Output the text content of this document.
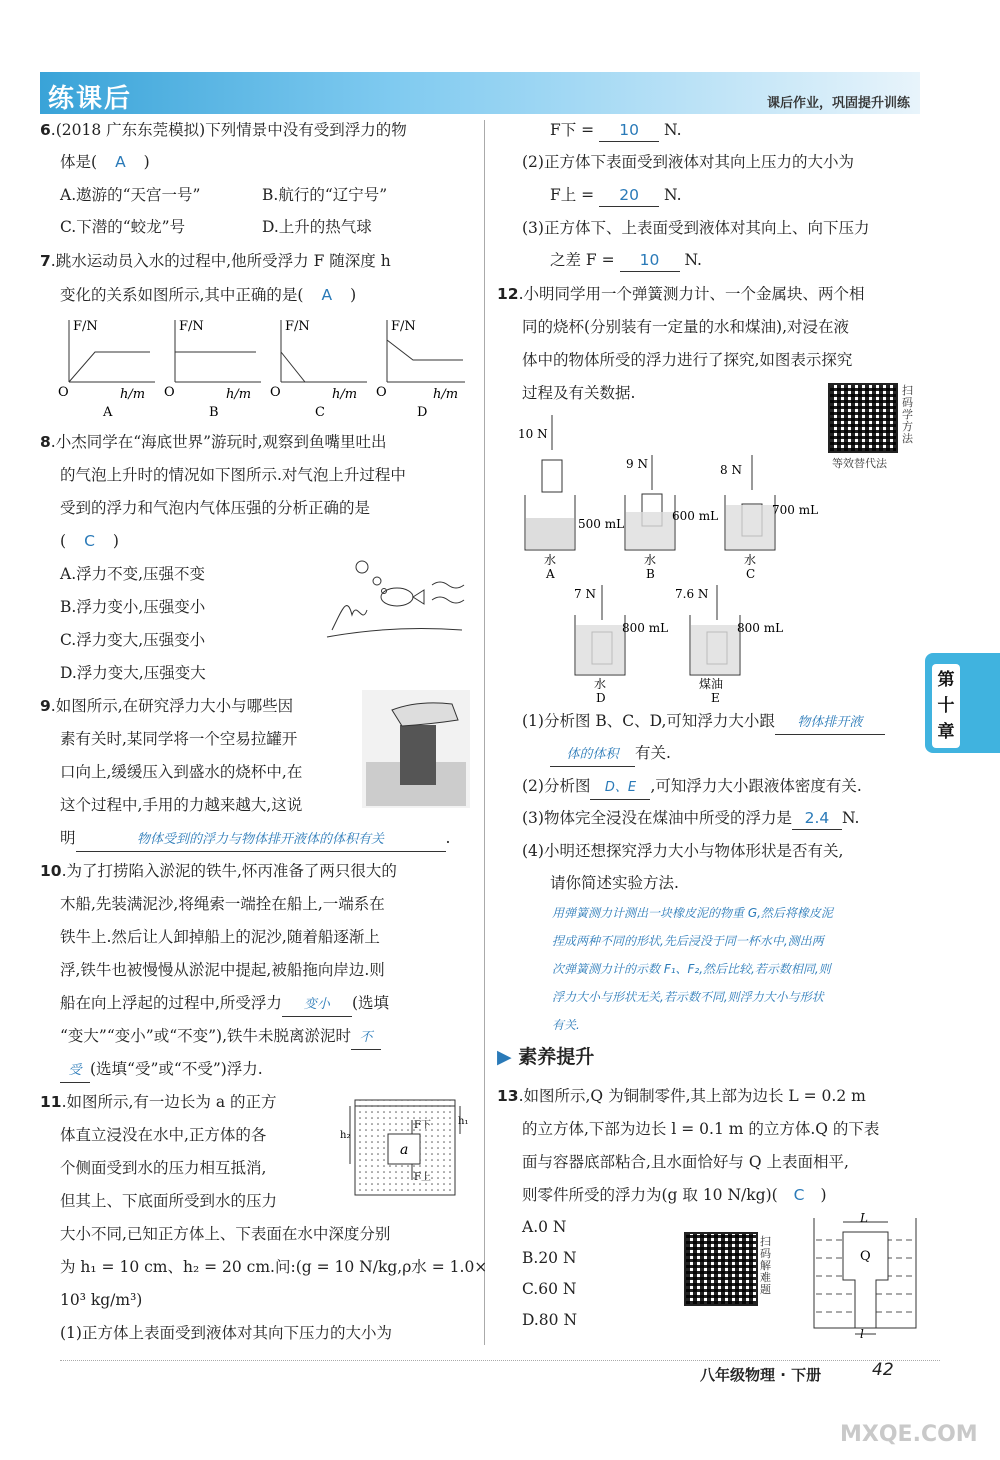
练课后	课后作业，巩固提升训练
第十章
6.(2018 广东东莞模拟)下列情景中没有受到浮力的物
体是( A )
A.遨游的“天宫一号”	B.航行的“辽宁号”
C.下潜的“蛟龙”号	D.上升的热气球
7.跳水运动员入水的过程中,他所受浮力 F 随深度 h
变化的关系如图所示,其中正确的是( A )
F/N
O	h/m
A
F/N
O	h/m
B
F/N
O	h/m
C
F/N
O	h/m
D
8.小杰同学在“海底世界”游玩时,观察到鱼嘴里吐出
的气泡上升时的情况如下图所示.对气泡上升过程中
受到的浮力和气泡内气体压强的分析正确的是
( C )
A.浮力不变,压强不变
B.浮力变小,压强变小
C.浮力变大,压强变小
D.浮力变大,压强变大
9.如图所示,在研究浮力大小与哪些因
素有关时,某同学将一个空易拉罐开
口向上,缓缓压入到盛水的烧杯中,在
这个过程中,手用的力越来越大,这说
明	物体受到的浮力与物体排开液体的体积有关	.
10.为了打捞陷入淤泥的铁牛,怀丙准备了两只很大的
木船,先装满泥沙,将绳索一端拴在船上,一端系在
铁牛上.然后让人卸掉船上的泥沙,随着船逐渐上
浮,铁牛也被慢慢从淤泥中提起,被船拖向岸边.则
船在向上浮起的过程中,所受浮力 变小 (选填
“变大”“变小”或“不变”),铁牛未脱离淤泥时 不
受 (选填“受”或“不受”)浮力.
11.如图所示,有一边长为 a 的正方
体直立浸没在水中,正方体的各
个侧面受到水的压力相互抵消,
但其上、下底面所受到水的压力
大小不同,已知正方体上、下表面在水中深度分别
为 h₁ = 10 cm、h₂ = 20 cm.问:(g = 10 N/kg,ρ水 = 1.0×
10³ kg/m³)
(1)正方体上表面受到液体对其向下压力的大小为
a
F下
F上
h₂
h₁
F下 = 10 N.
(2)正方体下表面受到液体对其向上压力的大小为
F上 = 20 N.
(3)正方体下、上表面受到液体对其向上、向下压力
之差 F = 10 N.
12.小明同学用一个弹簧测力计、一个金属块、两个相
同的烧杯(分别装有一定量的水和煤油),对浸在液
体中的物体所受的浮力进行了探究,如图表示探究
过程及有关数据.	扫码学方法
等效替代法
10 N
500 mL
水
A
9 N
600 mL
水
B
8 N
700 mL
水
C
7 N
800 mL
水
D
7.6 N
800 mL
煤油
E
(1)分析图 B、C、D,可知浮力大小跟 物体排开液
体的体积 有关.
(2)分析图 D、E ,可知浮力大小跟液体密度有关.
(3)物体完全浸没在煤油中所受的浮力是 2.4 N.
(4)小明还想探究浮力大小与物体形状是否有关,
请你简述实验方法.
用弹簧测力计测出一块橡皮泥的物重 G,然后将橡皮泥
捏成两种不同的形状,先后浸没于同一杯水中,测出两
次弹簧测力计的示数 F₁、F₂,然后比较,若示数相同,则
浮力大小与形状无关,若示数不同,则浮力大小与形状
有关.
▶ 素养提升
13.如图所示,Q 为铜制零件,其上部为边长 L = 0.2 m
的立方体,下部为边长 l = 0.1 m 的立方体.Q 的下表
面与容器底部粘合,且水面恰好与 Q 上表面相平,
则零件所受的浮力为(g 取 10 N/kg)( C )
A.0 N
B.20 N
C.60 N
D.80 N
扫码解难题
Q
L
l
八年级物理 · 下册	42
MXQE.COM
